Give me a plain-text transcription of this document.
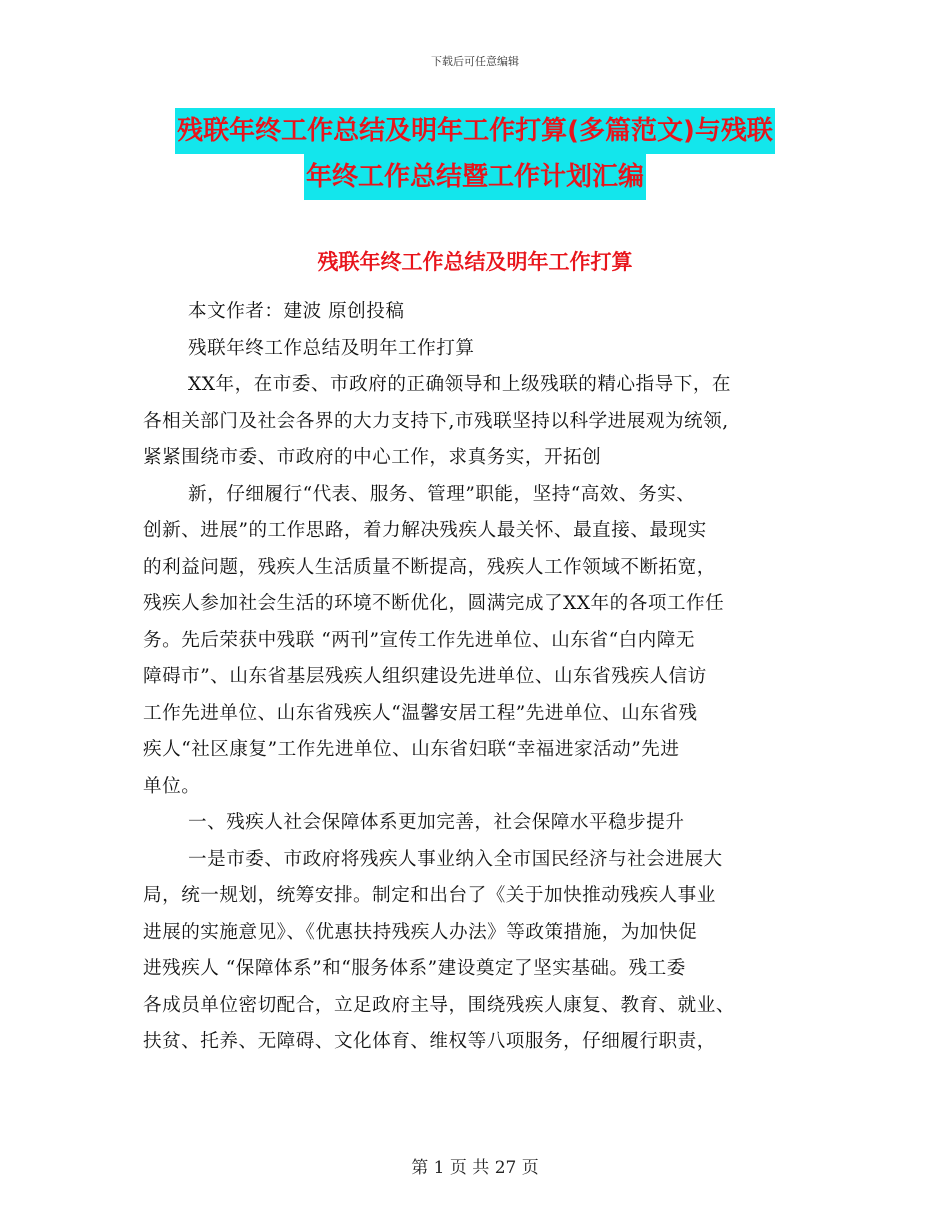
下载后可任意编辑
残联年终工作总结及明年工作打算(多篇范文)与残联
年终工作总结暨工作计划汇编
残联年终工作总结及明年工作打算
本文作者：建波 原创投稿
残联年终工作总结及明年工作打算
XX年，在市委、市政府的正确领导和上级残联的精心指导下，在
各相关部门及社会各界的大力支持下,市残联坚持以科学进展观为统领,
紧紧围绕市委、市政府的中心工作，求真务实，开拓创
新，仔细履行“代表、服务、管理”职能，坚持“高效、务实、
创新、进展”的工作思路，着力解决残疾人最关怀、最直接、最现实
的利益问题，残疾人生活质量不断提高，残疾人工作领域不断拓宽，
残疾人参加社会生活的环境不断优化，圆满完成了XX年的各项工作任
务。先后荣获中残联 “两刊”宣传工作先进单位、山东省“白内障无
障碍市”、山东省基层残疾人组织建设先进单位、山东省残疾人信访
工作先进单位、山东省残疾人“温馨安居工程”先进单位、山东省残
疾人“社区康复”工作先进单位、山东省妇联“幸福进家活动”先进
单位。
一、残疾人社会保障体系更加完善，社会保障水平稳步提升
一是市委、市政府将残疾人事业纳入全市国民经济与社会进展大
局，统一规划，统筹安排。制定和出台了《关于加快推动残疾人事业
进展的实施意见》、《优惠扶持残疾人办法》等政策措施，为加快促
进残疾人 “保障体系”和“服务体系”建设奠定了坚实基础。残工委
各成员单位密切配合，立足政府主导，围绕残疾人康复、教育、就业、
扶贫、托养、无障碍、文化体育、维权等八项服务，仔细履行职责，
第 1 页 共 27 页
